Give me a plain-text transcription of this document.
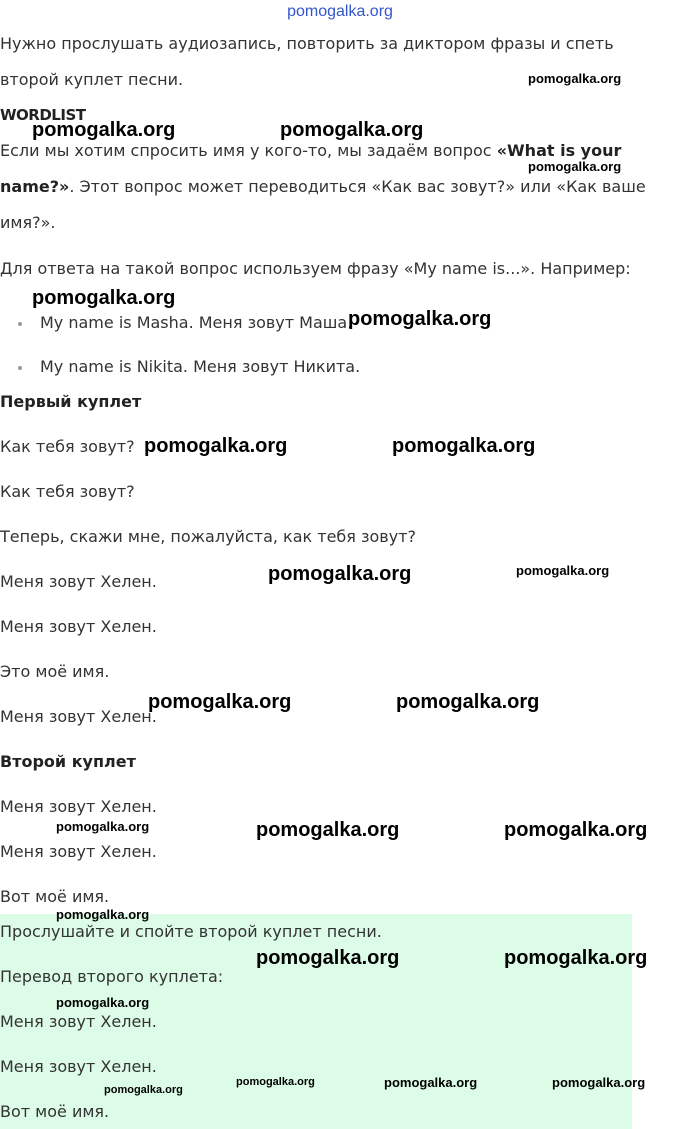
pomogalka.org

Нужно прослушать аудиозапись, повторить за диктором фразы и спеть второй куплет песни.

WORDLIST

Если мы хотим спросить имя у кого-то, мы задаём вопрос «What is your name?». Этот вопрос может переводиться «Как вас зовут?» или «Как ваше имя?».

Для ответа на такой вопрос используем фразу «My name is...». Например:

My name is Masha. Меня зовут Маша.
My name is Nikita. Меня зовут Никита.

Первый куплет

Как тебя зовут?

Как тебя зовут?

Теперь, скажи мне, пожалуйста, как тебя зовут?

Меня зовут Хелен.

Меня зовут Хелен.

Это моё имя.

Меня зовут Хелен.

Второй куплет

Меня зовут Хелен.

Меня зовут Хелен.

Вот моё имя.

Прослушайте и спойте второй куплет песни.

Перевод второго куплета:

Меня зовут Хелен.

Меня зовут Хелен.

Вот моё имя.

pomogalka.org
pomogalka.org	pomogalka.org
pomogalka.org
pomogalka.org
pomogalka.org
pomogalka.org	pomogalka.org
pomogalka.org	pomogalka.org
pomogalka.org	pomogalka.org
pomogalka.org	pomogalka.org	pomogalka.org
pomogalka.org
pomogalka.org	pomogalka.org
pomogalka.org
pomogalka.org
pomogalka.org	pomogalka.org	pomogalka.org
